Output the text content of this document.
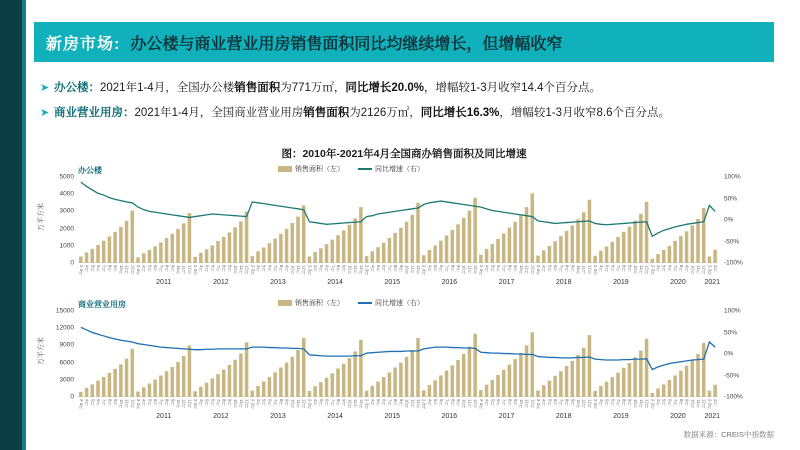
新房市场: 办公楼与商业营业用房销售面积同比均继续增长，但增幅收窄
➤ 办公楼：2021年1-4月，全国办公楼销售面积为771万㎡，同比增长20.0%，增幅较1-3月收窄14.4个百分点。
➤ 商业营业用房：2021年1-4月，全国商业营业用房销售面积为2126万㎡，同比增长16.3%，增幅较1-3月收窄8.6个百分点。
图：2010年-2021年4月全国商办销售面积及同比增速
办公楼
万平方米
0
1000
2000
3000
4000
5000
-100%
-50%
0%
50%
100%
2-3月 4月 5月 6月 7月 8月 9月 10月 11月 12月 2-3月 4月 5月 6月 7月 8月 9月 10月 11月 12月
2011
2-3月 4月 5月 6月 7月 8月 9月 10月 11月 12月
2012
2-3月 4月 5月 6月 7月 8月 9月 10月 11月 12月
2013
2-3月 4月 5月 6月 7月 8月 9月 10月 11月 12月
2014
2-3月 4月 5月 6月 7月 8月 9月 10月 11月 12月
2015
2-3月 4月 5月 6月 7月 8月 9月 10月 11月 12月
2016
2-3月 4月 5月 6月 7月 8月 9月 10月 11月 12月
2017
2-3月 4月 5月 6月 7月 8月 9月 10月 11月 12月
2018
2-3月 4月 5月 6月 7月 8月 9月 10月 11月 12月
2019
2-3月 4月 5月 6月 7月 8月 9月 10月 11月 12月
2020
2-3月 4月
2021
销售面积（左）	同比增速（右）
商业营业用房
万平方米
0
3000
6000
9000
12000
15000
-100%
-50%
0%
50%
100%
2-3月 4月 5月 6月 7月 8月 9月 10月 11月 12月 2-3月 4月 5月 6月 7月 8月 9月 10月 11月 12月
2011
2-3月 4月 5月 6月 7月 8月 9月 10月 11月 12月
2012
2-3月 4月 5月 6月 7月 8月 9月 10月 11月 12月
2013
2-3月 4月 5月 6月 7月 8月 9月 10月 11月 12月
2014
2-3月 4月 5月 6月 7月 8月 9月 10月 11月 12月
2015
2-3月 4月 5月 6月 7月 8月 9月 10月 11月 12月
2016
2-3月 4月 5月 6月 7月 8月 9月 10月 11月 12月
2017
2-3月 4月 5月 6月 7月 8月 9月 10月 11月 12月
2018
2-3月 4月 5月 6月 7月 8月 9月 10月 11月 12月
2019
2-3月 4月 5月 6月 7月 8月 9月 10月 11月 12月
2020
2-3月 4月
2021
销售面积（左）	同比增速（右）
数据来源：CREIS中指数据
